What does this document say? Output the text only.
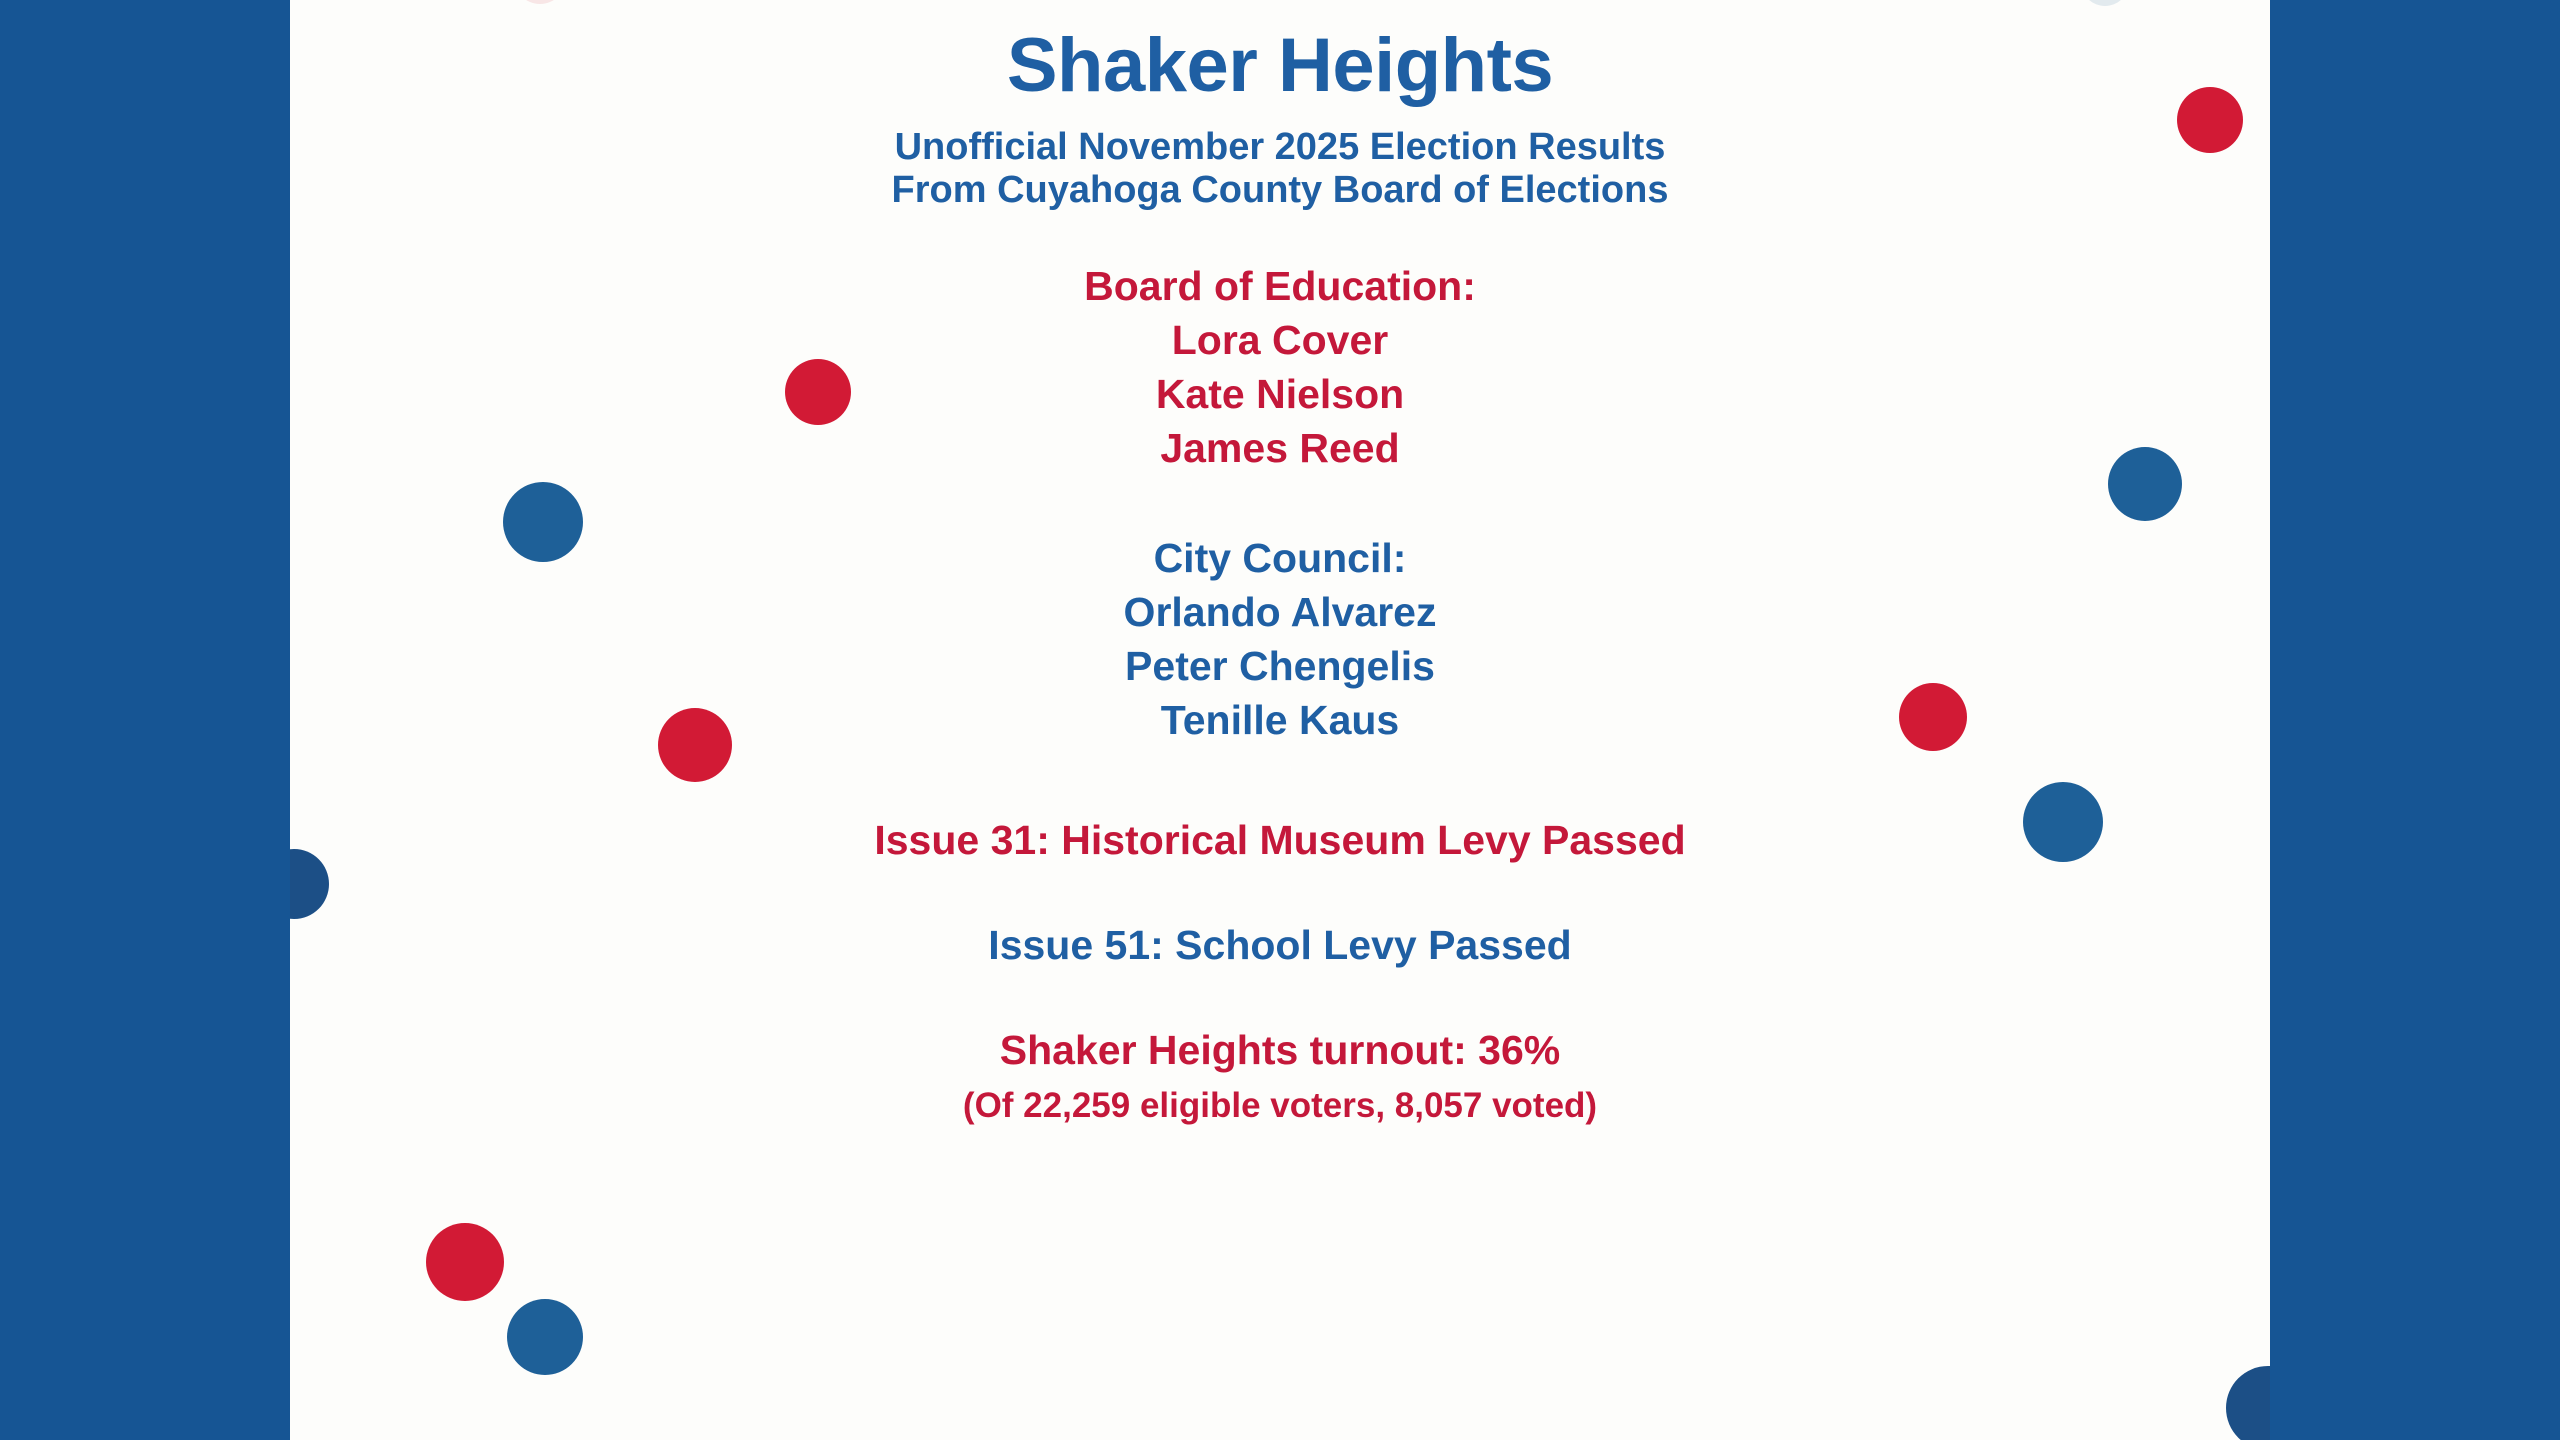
Shaker Heights
Unofficial November 2025 Election Results
From Cuyahoga County Board of Elections
Board of Education:
Lora Cover
Kate Nielson
James Reed
City Council:
Orlando Alvarez
Peter Chengelis
Tenille Kaus
Issue 31: Historical Museum Levy Passed
Issue 51: School Levy Passed
Shaker Heights turnout: 36%
(Of 22,259 eligible voters, 8,057 voted)
